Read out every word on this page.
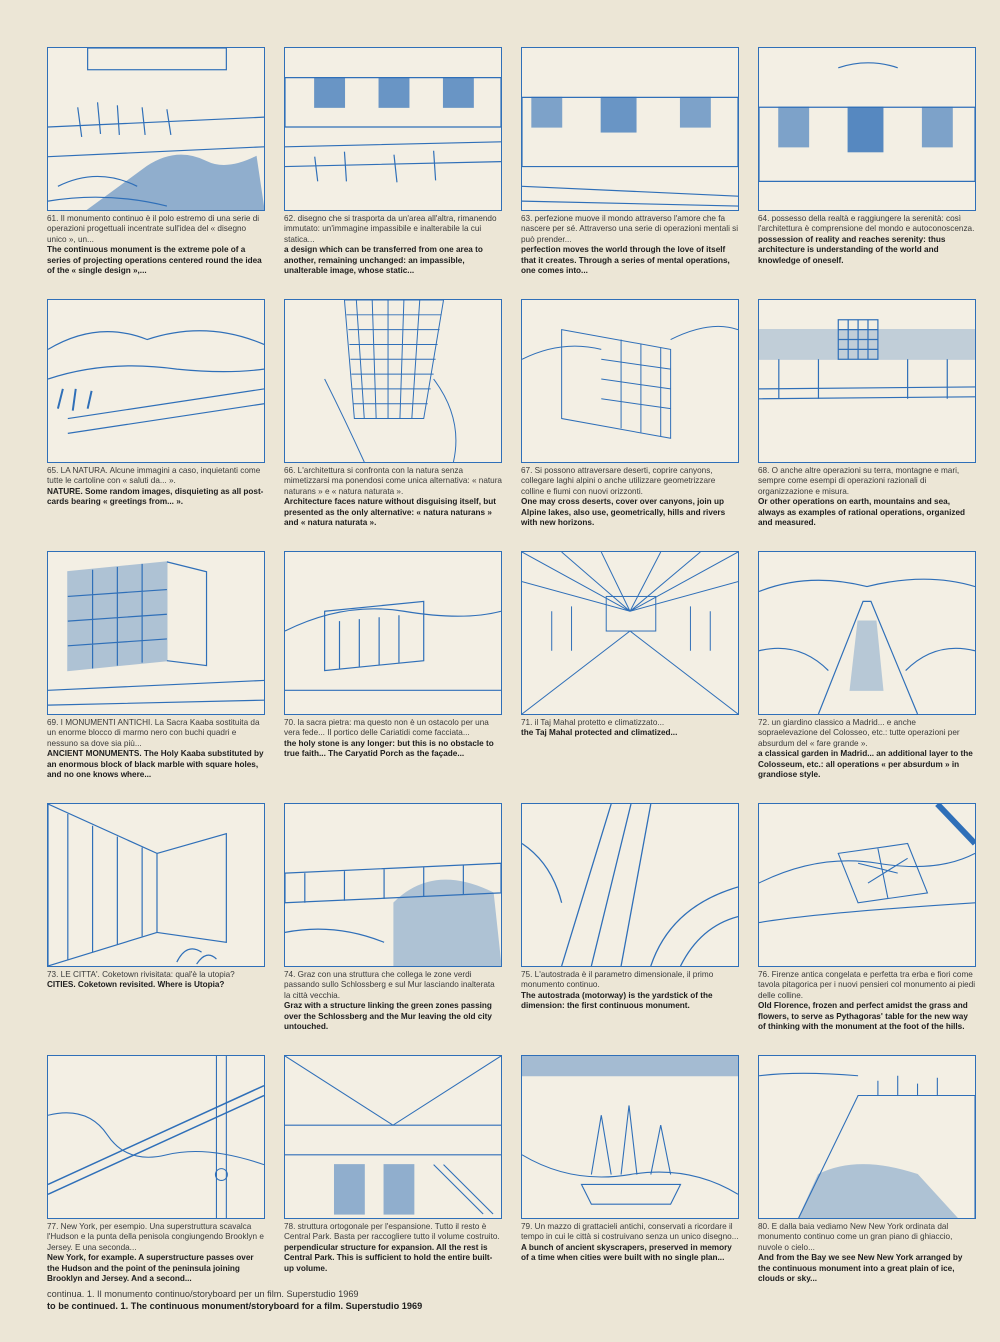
61. Il monumento continuo è il polo estremo di una serie di operazioni progettuali incentrate sull'idea del « disegno unico », un...
The continuous monument is the extreme pole of a series of projecting operations centered round the idea of the « single design »,...
62. disegno che si trasporta da un'area all'altra, rimanendo immutato: un'immagine impassibile e inalterabile la cui statica...
a design which can be transferred from one area to another, remaining unchanged: an impassible, unalterable image, whose static...
63. perfezione muove il mondo attraverso l'amore che fa nascere per sé. Attraverso una serie di operazioni mentali si può prender...
perfection moves the world through the love of itself that it creates. Through a series of mental operations, one comes into...
64. possesso della realtà e raggiungere la serenità: così l'architettura è comprensione del mondo e autoconoscenza.
possession of reality and reaches serenity: thus architecture is understanding of the world and knowledge of oneself.
65. LA NATURA. Alcune immagini a caso, inquietanti come tutte le cartoline con « saluti da... ».
NATURE. Some random images, disquieting as all post-cards bearing « greetings from... ».
66. L'architettura si confronta con la natura senza mimetizzarsi ma ponendosi come unica alternativa: « natura naturans » e « natura naturata ».
Architecture faces nature without disguising itself, but presented as the only alternative: « natura naturans » and « natura naturata ».
67. Si possono attraversare deserti, coprire canyons, collegare laghi alpini o anche utilizzare geometrizzare colline e fiumi con nuovi orizzonti.
One may cross deserts, cover over canyons, join up Alpine lakes, also use, geometrically, hills and rivers with new horizons.
68. O anche altre operazioni su terra, montagne e mari, sempre come esempi di operazioni razionali di organizzazione e misura.
Or other operations on earth, mountains and sea, always as examples of rational operations, organized and measured.
69. I MONUMENTI ANTICHI. La Sacra Kaaba sostituita da un enorme blocco di marmo nero con buchi quadri e nessuno sa dove sia più...
ANCIENT MONUMENTS. The Holy Kaaba substituted by an enormous block of black marble with square holes, and no one knows where...
70. la sacra pietra: ma questo non è un ostacolo per una vera fede... Il portico delle Cariatidi come facciata...
the holy stone is any longer: but this is no obstacle to true faith... The Caryatid Porch as the façade...
71. il Taj Mahal protetto e climatizzato...
the Taj Mahal protected and climatized...
72. un giardino classico a Madrid... e anche sopraelevazione del Colosseo, etc.: tutte operazioni per absurdum del « fare grande ».
a classical garden in Madrid... an additional layer to the Colosseum, etc.: all operations « per absurdum » in grandiose style.
73. LE CITTA'. Coketown rivisitata: qual'è la utopia?
CITIES. Coketown revisited. Where is Utopia?
74. Graz con una struttura che collega le zone verdi passando sullo Schlossberg e sul Mur lasciando inalterata la città vecchia.
Graz with a structure linking the green zones passing over the Schlossberg and the Mur leaving the old city untouched.
75. L'autostrada è il parametro dimensionale, il primo monumento continuo.
The autostrada (motorway) is the yardstick of the dimension: the first continuous monument.
76. Firenze antica congelata e perfetta tra erba e fiori come tavola pitagorica per i nuovi pensieri col monumento ai piedi delle colline.
Old Florence, frozen and perfect amidst the grass and flowers, to serve as Pythagoras' table for the new way of thinking with the monument at the foot of the hills.
77. New York, per esempio. Una superstruttura scavalca l'Hudson e la punta della penisola congiungendo Brooklyn e Jersey. E una seconda...
New York, for example. A superstructure passes over the Hudson and the point of the peninsula joining Brooklyn and Jersey. And a second...
78. struttura ortogonale per l'espansione. Tutto il resto è Central Park. Basta per raccogliere tutto il volume costruito.
perpendicular structure for expansion. All the rest is Central Park. This is sufficient to hold the entire built-up volume.
79. Un mazzo di grattacieli antichi, conservati a ricordare il tempo in cui le città si costruivano senza un unico disegno...
A bunch of ancient skyscrapers, preserved in memory of a time when cities were built with no single plan...
80. E dalla baia vediamo New New York ordinata dal monumento continuo come un gran piano di ghiaccio, nuvole o cielo...
And from the Bay we see New New York arranged by the continuous monument into a great plain of ice, clouds or sky...
continua. 1. Il monumento continuo/storyboard per un film. Superstudio 1969
to be continued. 1. The continuous monument/storyboard for a film. Superstudio 1969
